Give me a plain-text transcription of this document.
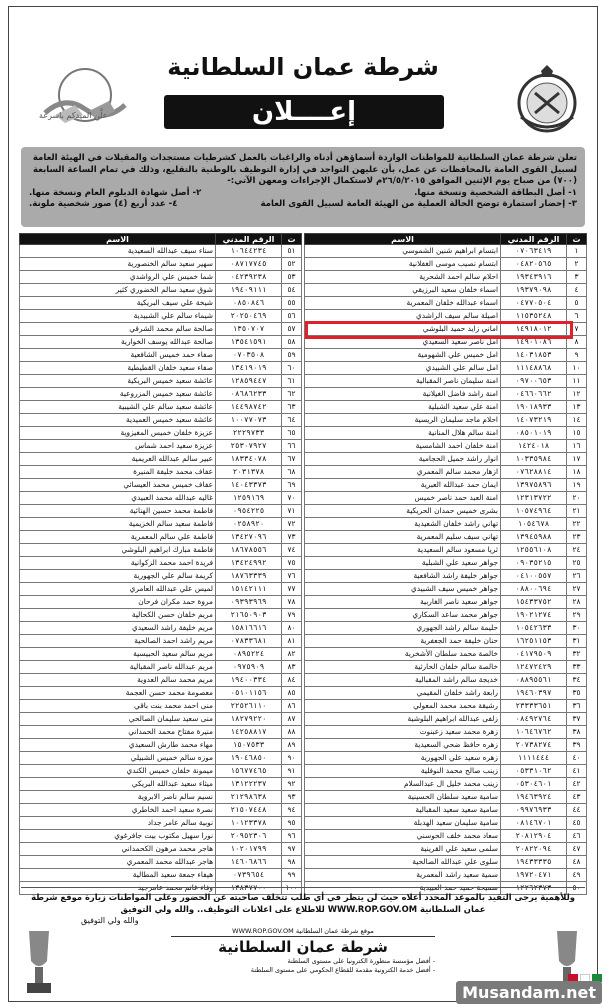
علَّن الميدكم باسرعة
شرطة عمان السلطانية
إعــــلان

تعلن شرطة عمان السلطانية للمواطنات الواردة أسماؤهن أدناه والراغبات بالعمل كشرطيات مستجدات والمقبلات في الهيئة العامة لسبيل القوى العامة بالمحافظات عن عمل، بأن عليهن التواجد في إدارة التوظيف بالوطنية بالتقليع، وذلك في تمام الساعة السابعة (٧٠٠) من صباح يوم الإثنين الموافق ٢٦/٥/٢٠١٥م لاستكمال الإجراءات ومعهن الآتي:-

١- أصل البطاقة الشخصية ونسخة منها.
٢- أصل شهادة الدبلوم العام ونسخة منها.
٣- إحضار استمارة توضح الحالة العملية من الهيئة العامة لسبيل القوى العامة
٤- عدد أربع (٤) صور شخصية ملونة.
ت	الرقم المدني	الاسم
١	٠٧٠٦٣٤١٩	ابتسام ابراهيم شنين الشموسي
٢	٠٤٨٢٠٥٦٥	ابتسام نصيب موسى الغفلانية
٣	١٩٣٤٣٩١٦	احلام سالم احمد الشحرية
٤	١٩٣٧٩٠٩٨	اسماء خلفان سعيد البرزيقي
٥	٠٤٧٧٠٥٠٤	اسماء عبدالله خلفان المعمرية
٦	١١٥٣٥٢٤٨	اصيلة سالم سيف الراشدي
٧	١٤٩١٨٠١٢	اماني زايد حميد البلوشي
٨	١٤٩٠١٠٨٦	امل ناصر سعيد السعيدي
٩	١٤٠٣١٨٥٣	امل خميس علي الشهومية
١٠	١١١٤٨٨٦٨	امل سالم علي الشبيدي
١١	٠٩٧٠٠٦٥٣	امنة سليمان ناصر المقبالية
١٢	٠٤٦٦٠٦٦٢	امنة راشد فاضل الغيلانية
١٣	١٩٠١٨٩٣٣	امنة علي سعيد الشبلية
١٤	١٤٠٧٣٢١٩	احلام ماجد سليمان الريسية
١٥	٠٨٥٠١٠١٩	امنة سالم هلال المنانية
١٦	١٤٢٤٠١٨	امنة خلفان احمد الشامسية
١٧	١٠٣٣٥٩٨٤	انوار راشد جميل الحجامية
١٨	٠٧٦٢٨٨١٤	ازهار محمد سالم المعمري
١٩	١٣٩٧٥٨٩٦	ايمان حمد عبدالله العبرية
٢٠	١٢٣١٣٧٢٢	امنة العبد حمد ناصر خميس
٢١	١٠٥٧٤٩٦٤	بشرى خميس حمدان الحريكية
٢٢	١٠٥٤٦٧٨	تهاني راشد خلفان الشعيدية
٢٣	١٣٩٤٥٩٨٨	تهاني سيف سليم المعمرية
٢٤	١٢٥٥٦١٠٨	ثريا مسعود سالم السعيدية
٢٥	٠٩٠٣٥٢١٥	جواهر سعيد علي الشبلية
٢٦	٠٤١٠٠٥٥٧	جواهر خليفة راشد الشافعية
٢٧	٠٨٨٠٠٦٩٤	جواهر خميس سيف الشبيدي
٢٨	١٥٤٣٣٧٥٢	جواهر سعيد ناصر الغاربية
٢٩	١٩٠٢١٢٧٤	جواهر محمد ساعد السكاري
٣٠	١٠٥٤٢٦٣٣	حليمة سالم راشد الجهوري
٣١	١٦٢٥١١٥٣	حنان خليفة حمد الجعفرية
٣٢	٠٤١٧٩٥٠٩	خالصة محمد سلطان الأشخرية
٣٣	١٢٤٧٢٤٢٩	خالصة سالم خلفان الحارثية
٣٤	٠٨٨٩٥٥٦١	خديجة سالم راشد المقبالية
٣٥	١٩٤٦٠٣٩٧	رابعة راشد خلفان المقيمي
٣٦	٢٣٣٣٣٦٥١	رشيقة محمد محمد المعولي
٣٧	٠٨٤٩٢٧٦٤	زلفى عبدالله ابراهيم البلوشية
٣٨	١٠٦٤٦٧٦٢	زهرة محمد سعيد زعبنوت
٣٩	٢٠٧٣٨٢٧٤	زهره حافظ ضحي السعيدية
٤٠	١١١١٤٤٤	زهره سعيد علي الجهورية
٤١	٠٥٣٣١٠٦٢	زينب صالح محمد النوفلية
٤٢	٠٥٣٠٤٦٠١	زينب محمد خليل ال عبدالسلام
٤٣	١٩٤٦٣٩٢٤	سامية سعيد سلطان الحسينية
٤٤	٠٩٩٧٦٩٣٣	سامية سعيد سعيد المقبالية
٤٥	٠٨١٤٦٧٠١	سامية سليمان سعيد الهدبلة
٤٦	٢٠٨١٢٩٠٤	سعاد محمد خلف الحوسني
٤٧	٢٠٨٢٢٠٩٤	سلمى سعيد علي القرينية
٤٨	١٩٤٣٣٣٣٥	سلوى علي عبدالله الصالحية
٤٩	١٩٧٢٠٤٧١	سمية سعيد راشد المعمرية
٥٠	١٢٢٦٢٣٧٣	سميحة حميد حمد العبيدية
ت	الرقم المدني	الاسم
٥١	١٠٦٤٤٢٣٤	سناء سيف عبدالله السعيدية
٥٢	٠٨٧١٧٧٤٥	سهير سعيد سالم الخنصورية
٥٣	٠٤٢٣٩٢٣٨	شما خميس علي الرواشدي
٥٤	١٩٤٠٩١١١	شوق سعيد سالم الخضوري كثير
٥٥	٠٨٥٠٨٤٦	شيخة علي سيف البريكية
٥٦	٢٠٢٥٠٤٦٩	شيماء سالم علي الشبيدية
٥٧	١٣٥٠٧٠٧	صالحة سالم محمد الشرقي
٥٨	١٣٥٤١٥٩١	صالحة عبدالله يوسف الخوارية
٥٩	٠٧٠٣٥٠٨	صفاء حمد خميس الشافعية
٦٠	١٣٤١٩٠١٩	صفاء سعيد خلفان القطيطية
٦١	١٢٨٥٩٤٤٧	عائشة سعيد خميس البريكية
٦٢	٠٨٦٨٦٢٣٣	عائشة سعيد خميس المزروعية
٦٣	١٤٤٩٨٧٤٢	عائشة سعيد سالم علي الشيبية
٦٤	١٠٠٧٧٠٧٣	عائشة سعيد خميس العميدية
٦٥	٢٢٢٩٧٣٣	عزيزة خلفان خميس المغيزوية
٦٦	٢٥٣٠٧٩٢٧	عزيزة سعيد احمد شماس
٦٧	١٨٣٣٤٠٧٨	عبير سالم عبدالله العريمية
٦٨	٢٠٣١٣٧٨	عفاف محمد خليفة المنيرة
٦٩	١٤٠٤٣٣٧٣	عفاف خميس محمد العيسائي
٧٠	١٢٥٩١٦٩	غاليه عبدالله محمد العبيدي
٧١	٠٩٥٤٢٢٥	فاطمة محمد حسين الهنائية
٧٢	٠٢٥٨٩٢٠	فاطمة سعيد سالم الخزيمية
٧٣	١٣٤٢٧٠٩٦	فاطمة علي سالم المعمرية
٧٤	١٨٦٧٨٥٥٦	فاطمة مبارك ابراهيم البلوشي
٧٥	١٣٤٢٤٩٩٢	فريدة احمد محمد الزكوانية
٧٦	١٨٧٦٣٣٣٩	كريمة سالم علي الجهورية
٧٧	١٥١٤٢١١١	لميس علي عبدالله العامري
٧٨	٠٩٣٩٣٩٦٩	مروة حمد مكران فرحان
٧٩	٢١٦٥٠٩٠٣	مريم خلفان حسن الكحالية
٨٠	١٥٨١٦٦١٦	مريم خليفة راشد السعيدي
٨١	٠٧٨٣٣٦٨١	مريم راشد احمد الصالحية
٨٢	٠٨٩٥٢٢٤	مريم سالم سعيد الحبيسية
٨٣	٠٩٧٥٩٠٩	مريم عبدالله ناصر المقبالية
٨٤	١٩٤٠٠٣٣٤	مريم محمد سالم العدوية
٨٥	٠٥١٠١١٥٦	معصومة محمد حسن العجمة
٨٦	٢٢٥٢٦١١٠	منى احمد محمد بنت باقي
٨٧	١٨٢٧٩٢٢٠	منى سعيد سليمان الصالحي
٨٨	١٤٢٥٨٨١٧	منيرة مفتاح محمد الحمداني
٨٩	١٥٠٧٥٣٣	مهاء محمد طارش السعيدي
٩٠	١٩٠٤٦٨٥٠	موزه سالم خميس الشبيلي
٩١	١٥٦٧٧٤٦٥	ميمونة خلفان خميس الكندي
٩٢	١٣١٢٢٢٣٧	ميثاء سعيد عبدالله البريكي
٩٣	٢١٢٩٨٦٣٨	نسيم سالم ناصر الابروية
٩٤	٢١٥٠٧٤٤٨	نصرة سعيد احمد الخاطري
٩٥	١٠١٢٣٣٧٨	نوبية سالم عامر جداد
٩٦	٢٠٩٥٢٣٠٦	نورا سهيل مكتوب بيت جافرغوي
٩٧	١٠٢٠١٧٩٩	هاجر محمد مرهون الكحمداني
٩٨	١٤٦٠٦٨٦٦	هاجر عبدالله محمد المعمري
٩٩	٠٧٣٩٦٥٤	هيفاء جمعة سعيد المطالية
١٠٠	١٣٨٣٧٧٠٠	وفاء غانم محمد عامرجيد
وللأهمية يرجى التقيد بالموعد المحدد أعلاه حيث لن يتظر في أي طلب تتخلف صاحبته عن الحضور وعلى المواطنات زيارة موقع شرطة عمان السلطانية WWW.ROP.GOV.OM للاطلاع على اعلانات التوظيف.. والله ولي التوفيق
والله ولي التوفيق
موقع شرطة عمان السلطانية WWW.ROP.GOV.OM
شرطة عمان السلطانية
- أفضل مؤسسة منطورة الكترونيا على مستوى السلطنة
- أفضل خدمة الكترونية مقدمة للقطاع الحكومي على مستوى السلطنة
Musandam.net
